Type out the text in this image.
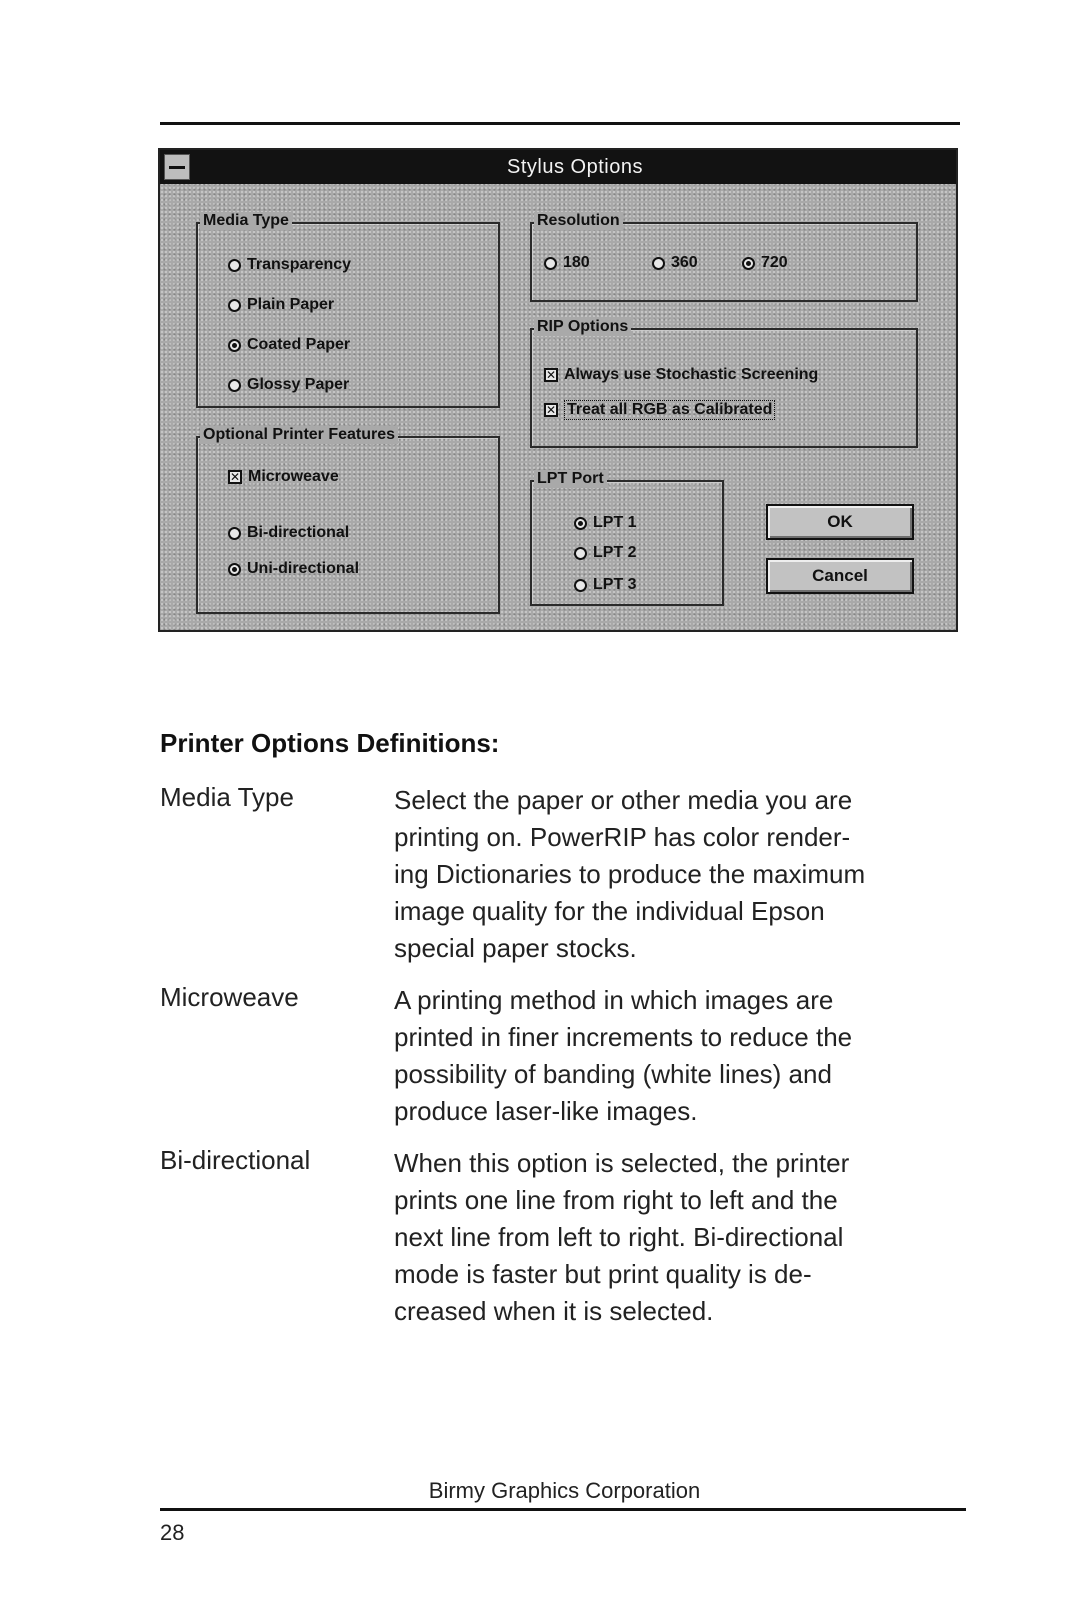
Stylus Options
Media Type
Transparency
Plain Paper
Coated Paper
Glossy Paper
Optional Printer Features
✕ Microweave
Bi-directional
Uni-directional
Resolution
180	360	720
RIP Options
✕ Always use Stochastic Screening
✕ Treat all RGB as Calibrated
LPT Port
LPT 1
LPT 2
LPT 3
OK
Cancel
Printer Options Definitions:
Media Type	Select the paper or other media you are
printing on. PowerRIP has color render-
ing Dictionaries to produce the maximum
image quality for the individual Epson
special paper stocks.
Microweave	A printing method in which images are
printed in finer increments to reduce the
possibility of banding (white lines) and
produce laser-like images.
Bi-directional	When this option is selected, the printer
prints one line from right to left and the
next line from left to right. Bi-directional
mode is faster but print quality is de-
creased when it is selected.
Birmy Graphics Corporation
28
